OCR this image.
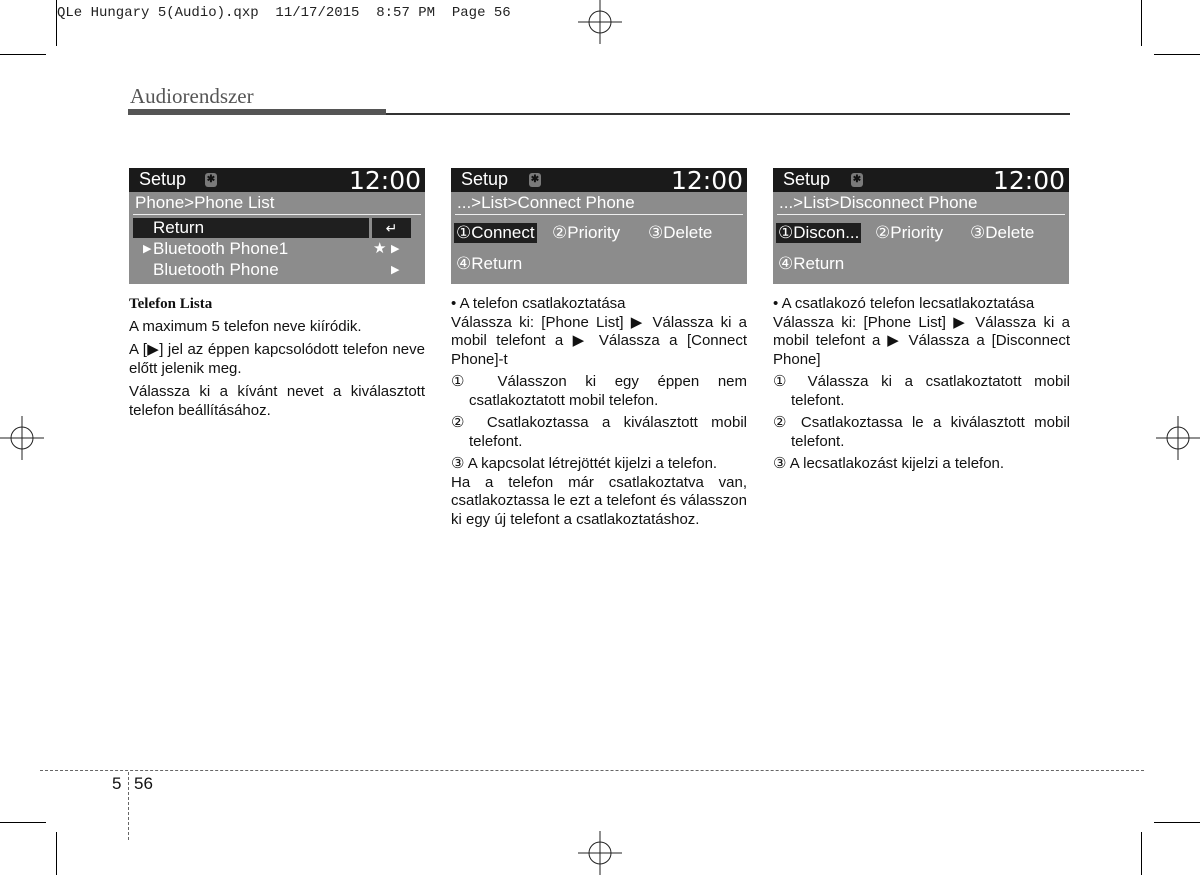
QLe Hungary 5(Audio).qxp  11/17/2015  8:57 PM  Page 56
Audiorendszer
Setup ✱	12:00
Phone>Phone List
Return	↵
▶ Bluetooth Phone1	★ ▶
Bluetooth Phone	▶
Setup ✱	12:00
...>List>Connect Phone
①Connect ②Priority ③Delete
④Return
Setup ✱	12:00
...>List>Disconnect Phone
①Discon... ②Priority ③Delete
④Return
Telefon Lista
A maximum 5 telefon neve kiíródik.
A [▶] jel az éppen kapcsolódott telefon neve előtt jelenik meg.
Válassza ki a kívánt nevet a kiválasztott telefon beállításához.
• A telefon csatlakoztatása
Válassza ki: [Phone List] ▶ Válassza ki a mobil telefont a ▶ Válassza a [Connect Phone]-t
① Válasszon ki egy éppen nem csatlakoztatott mobil telefon.
② Csatlakoztassa a kiválasztott mobil telefont.
③ A kapcsolat létrejöttét kijelzi a telefon.
Ha a telefon már csatlakoztatva van, csatlakoztassa le ezt a telefont és válasszon ki egy új telefont a csatlakoztatáshoz.
• A csatlakozó telefon lecsatlakoztatása
Válassza ki: [Phone List] ▶ Válassza ki a mobil telefont a ▶ Válassza a [Disconnect Phone]
① Válassza ki a csatlakoztatott mobil telefont.
② Csatlakoztassa le a kiválasztott mobil telefont.
③ A lecsatlakozást kijelzi a telefon.
5 56
